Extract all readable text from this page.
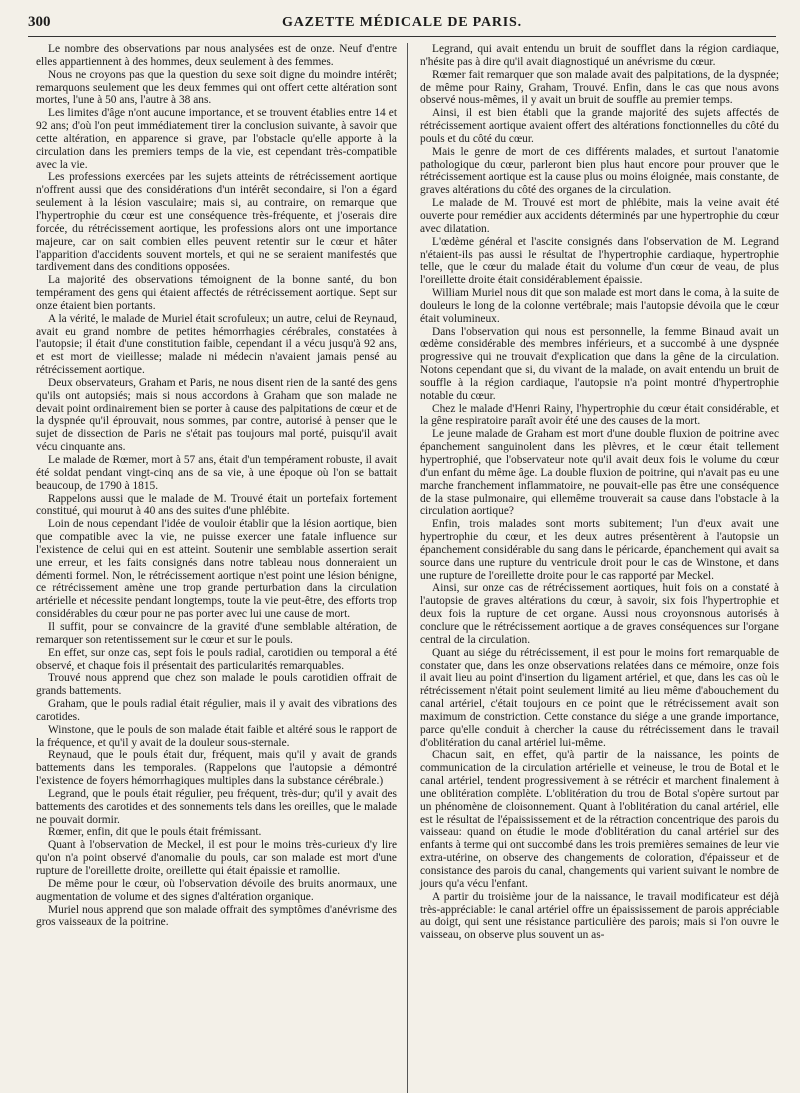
300	GAZETTE MÉDICALE DE PARIS.

Le nombre des observations par nous analysées est de onze. Neuf d'entre elles appartiennent à des hommes, deux seulement à des femmes.

Nous ne croyons pas que la question du sexe soit digne du moindre intérêt; remarquons seulement que les deux femmes qui ont offert cette altération sont mortes, l'une à 50 ans, l'autre à 38 ans.

Les limites d'âge n'ont aucune importance, et se trouvent établies entre 14 et 92 ans; d'où l'on peut immédiatement tirer la conclusion suivante, à savoir que cette altération, en apparence si grave, par l'obstacle qu'elle apporte à la circulation dans les premiers temps de la vie, est cependant très-compatible avec la vie.

Les professions exercées par les sujets atteints de rétrécissement aortique n'offrent aussi que des considérations d'un intérêt secondaire, si l'on a égard seulement à la lésion vasculaire; mais si, au contraire, on remarque que l'hypertrophie du cœur est une conséquence très-fréquente, et j'oserais dire forcée, du rétrécissement aortique, les professions alors ont une importance majeure, car on sait combien elles peuvent retentir sur le cœur et hâter l'apparition d'accidents souvent mortels, et qui ne se seraient manifestés que tardivement dans des conditions opposées.

La majorité des observations témoignent de la bonne santé, du bon tempérament des gens qui étaient affectés de rétrécissement aortique. Sept sur onze étaient bien portants.

A la vérité, le malade de Muriel était scrofuleux; un autre, celui de Reynaud, avait eu grand nombre de petites hémorrhagies cérébrales, constatées à l'autopsie; il était d'une constitution faible, cependant il a vécu jusqu'à 92 ans, et est mort de vieillesse; malade ni médecin n'avaient jamais pensé au rétrécissement aortique.

Deux observateurs, Graham et Paris, ne nous disent rien de la santé des gens qu'ils ont autopsiés; mais si nous accordons à Graham que son malade ne devait point ordinairement bien se porter à cause des palpitations de cœur et de la dyspnée qu'il éprouvait, nous sommes, par contre, autorisé à penser que le sujet de dissection de Paris ne s'était pas toujours mal porté, puisqu'il avait vécu cinquante ans.

Le malade de Rœmer, mort à 57 ans, était d'un tempérament robuste, il avait été soldat pendant vingt-cinq ans de sa vie, à une époque où l'on se battait beaucoup, de 1790 à 1815.

Rappelons aussi que le malade de M. Trouvé était un portefaix fortement constitué, qui mourut à 40 ans des suites d'une phlébite.

Loin de nous cependant l'idée de vouloir établir que la lésion aortique, bien que compatible avec la vie, ne puisse exercer une fatale influence sur l'existence de celui qui en est atteint. Soutenir une semblable assertion serait une erreur, et les faits consignés dans notre tableau nous donneraient un démenti formel. Non, le rétrécissement aortique n'est point une lésion bénigne, ce rétrécissement amène une trop grande perturbation dans la circulation artérielle et nécessite pendant longtemps, toute la vie peut-être, des efforts trop considérables du cœur pour ne pas porter avec lui une cause de mort.

Il suffit, pour se convaincre de la gravité d'une semblable altération, de remarquer son retentissement sur le cœur et sur le pouls.

En effet, sur onze cas, sept fois le pouls radial, carotidien ou temporal a été observé, et chaque fois il présentait des particularités remarquables.

Trouvé nous apprend que chez son malade le pouls carotidien offrait de grands battements.

Graham, que le pouls radial était régulier, mais il y avait des vibrations des carotides.

Winstone, que le pouls de son malade était faible et altéré sous le rapport de la fréquence, et qu'il y avait de la douleur sous-sternale.

Reynaud, que le pouls était dur, fréquent, mais qu'il y avait de grands battements dans les temporales. (Rappelons que l'autopsie a démontré l'existence de foyers hémorrhagiques multiples dans la substance cérébrale.)

Legrand, que le pouls était régulier, peu fréquent, très-dur; qu'il y avait des battements des carotides et des sonnements tels dans les oreilles, que le malade ne pouvait dormir.

Rœmer, enfin, dit que le pouls était frémissant.

Quant à l'observation de Meckel, il est pour le moins très-curieux d'y lire qu'on n'a point observé d'anomalie du pouls, car son malade est mort d'une rupture de l'oreillette droite, oreillette qui était épaissie et ramollie.

De même pour le cœur, où l'observation dévoile des bruits anormaux, une augmentation de volume et des signes d'altération organique.

Muriel nous apprend que son malade offrait des symptômes d'anévrisme des gros vaisseaux de la poitrine.

Legrand, qui avait entendu un bruit de soufflet dans la région cardiaque, n'hésite pas à dire qu'il avait diagnostiqué un anévrisme du cœur.

Rœmer fait remarquer que son malade avait des palpitations, de la dyspnée; de même pour Rainy, Graham, Trouvé. Enfin, dans le cas que nous avons observé nous-mêmes, il y avait un bruit de souffle au premier temps.

Ainsi, il est bien établi que la grande majorité des sujets affectés de rétrécissement aortique avaient offert des altérations fonctionnelles du côté du pouls et du côté du cœur.

Mais le genre de mort de ces différents malades, et surtout l'anatomie pathologique du cœur, parleront bien plus haut encore pour prouver que le rétrécissement aortique est la cause plus ou moins éloignée, mais constante, de graves altérations du côté des organes de la circulation.

Le malade de M. Trouvé est mort de phlébite, mais la veine avait été ouverte pour remédier aux accidents déterminés par une hypertrophie du cœur avec dilatation.

L'œdème général et l'ascite consignés dans l'observation de M. Legrand n'étaient-ils pas aussi le résultat de l'hypertrophie cardiaque, hypertrophie telle, que le cœur du malade était du volume d'un cœur de veau, de plus l'oreillette droite était considérablement épaissie.

William Muriel nous dit que son malade est mort dans le coma, à la suite de douleurs le long de la colonne vertébrale; mais l'autopsie dévoila que le cœur était volumineux.

Dans l'observation qui nous est personnelle, la femme Binaud avait un œdème considérable des membres inférieurs, et a succombé à une dyspnée progressive qui ne trouvait d'explication que dans la gêne de la circulation. Notons cependant que si, du vivant de la malade, on avait entendu un bruit de souffle à la région cardiaque, l'autopsie n'a point montré d'hypertrophie notable du cœur.

Chez le malade d'Henri Rainy, l'hypertrophie du cœur était considérable, et la gêne respiratoire paraît avoir été une des causes de la mort.

Le jeune malade de Graham est mort d'une double fluxion de poitrine avec épanchement sanguinolent dans les plèvres, et le cœur était tellement hypertrophié, que l'observateur note qu'il avait deux fois le volume du cœur d'un enfant du même âge. La double fluxion de poitrine, qui n'avait pas eu une marche franchement inflammatoire, ne pouvait-elle pas être une conséquence de la stase pulmonaire, qui ellemême trouverait sa cause dans l'obstacle à la circulation aortique?

Enfin, trois malades sont morts subitement; l'un d'eux avait une hypertrophie du cœur, et les deux autres présentèrent à l'autopsie un épanchement considérable du sang dans le péricarde, épanchement qui avait sa source dans une rupture du ventricule droit pour le cas de Winstone, et dans une rupture de l'oreillette droite pour le cas rapporté par Meckel.

Ainsi, sur onze cas de rétrécissement aortiques, huit fois on a constaté à l'autopsie de graves altérations du cœur, à savoir, six fois l'hypertrophie et deux fois la rupture de cet organe. Aussi nous croyonsnous autorisés à conclure que le rétrécissement aortique a de graves conséquences sur l'organe central de la circulation.

Quant au siége du rétrécissement, il est pour le moins fort remarquable de constater que, dans les onze observations relatées dans ce mémoire, onze fois il avait lieu au point d'insertion du ligament artériel, et que, dans les cas où le rétrécissement n'était point seulement limité au lieu même d'abouchement du canal artériel, c'était toujours en ce point que le rétrécissement avait son maximum de constriction. Cette constance du siége a une grande importance, parce qu'elle conduit à chercher la cause du rétrécissement dans le travail d'oblitération du canal artériel lui-même.

Chacun sait, en effet, qu'à partir de la naissance, les points de communication de la circulation artérielle et veineuse, le trou de Botal et le canal artériel, tendent progressivement à se rétrécir et marchent finalement à une oblitération complète. L'oblitération du trou de Botal s'opère surtout par un phénomène de cloisonnement. Quant à l'oblitération du canal artériel, elle est le résultat de l'épaississement et de la rétraction concentrique des parois du vaisseau: quand on étudie le mode d'oblitération du canal artériel sur des enfants à terme qui ont succombé dans les trois premières semaines de leur vie extra-utérine, on observe des changements de coloration, d'épaisseur et de consistance des parois du canal, changements qui varient suivant le nombre de jours qu'a vécu l'enfant.

A partir du troisième jour de la naissance, le travail modificateur est déjà très-appréciable: le canal artériel offre un épaississement de parois appréciable au doigt, qui sent une résistance particulière des parois; mais si l'on ouvre le vaisseau, on observe plus souvent un as-
